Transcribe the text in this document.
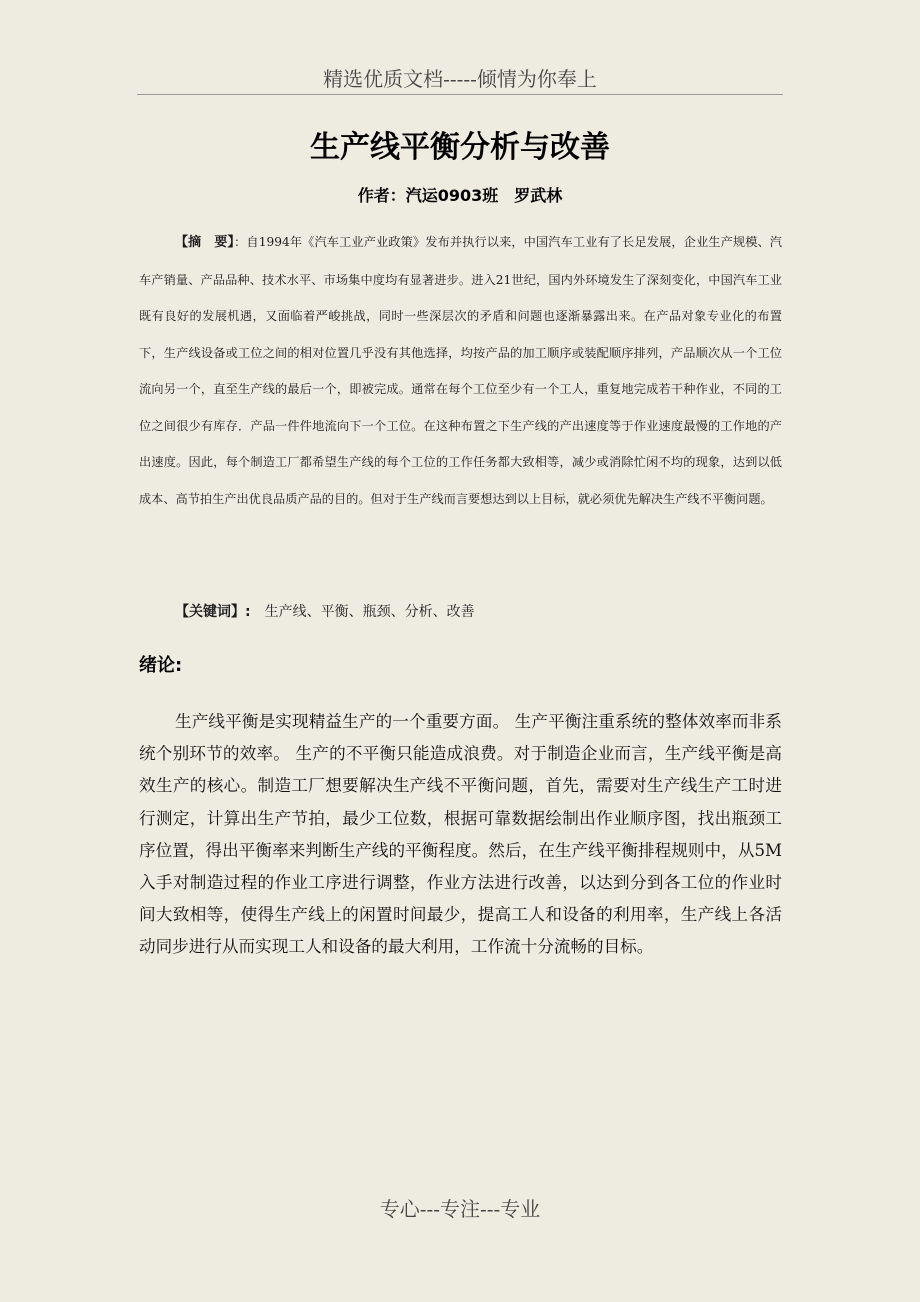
精选优质文档-----倾情为你奉上
生产线平衡分析与改善
作者：汽运0903班　罗武林

【摘　要】：自1994年《汽车工业产业政策》发布并执行以来，中国汽车工业有了长足发展，企业生产规模、汽车产销量、产品品种、技术水平、市场集中度均有显著进步。进入21世纪，国内外环境发生了深刻变化，中国汽车工业既有良好的发展机遇，又面临着严峻挑战，同时一些深层次的矛盾和问题也逐渐暴露出来。在产品对象专业化的布置下，生产线设备或工位之间的相对位置几乎没有其他选择，均按产品的加工顺序或装配顺序排列，产品顺次从一个工位流向另一个，直至生产线的最后一个，即被完成。通常在每个工位至少有一个工人，重复地完成若干种作业，不同的工位之间很少有库存．产品一件件地流向下一个工位。在这种布置之下生产线的产出速度等于作业速度最慢的工作地的产出速度。因此，每个制造工厂都希望生产线的每个工位的工作任务都大致相等，减少或消除忙闲不均的现象，达到以低成本、高节拍生产出优良品质产品的目的。但对于生产线而言要想达到以上目标，就必须优先解决生产线不平衡问题。

【关键词】: 生产线、平衡、瓶颈、分析、改善
绪论:

生产线平衡是实现精益生产的一个重要方面。 生产平衡注重系统的整体效率而非系统个别环节的效率。 生产的不平衡只能造成浪费。对于制造企业而言，生产线平衡是高效生产的核心。制造工厂想要解决生产线不平衡问题，首先，需要对生产线生产工时进行测定，计算出生产节拍，最少工位数，根据可靠数据绘制出作业顺序图，找出瓶颈工序位置，得出平衡率来判断生产线的平衡程度。然后，在生产线平衡排程规则中，从5M入手对制造过程的作业工序进行调整，作业方法进行改善，以达到分到各工位的作业时间大致相等，使得生产线上的闲置时间最少，提高工人和设备的利用率，生产线上各活动同步进行从而实现工人和设备的最大利用，工作流十分流畅的目标。

专心---专注---专业
